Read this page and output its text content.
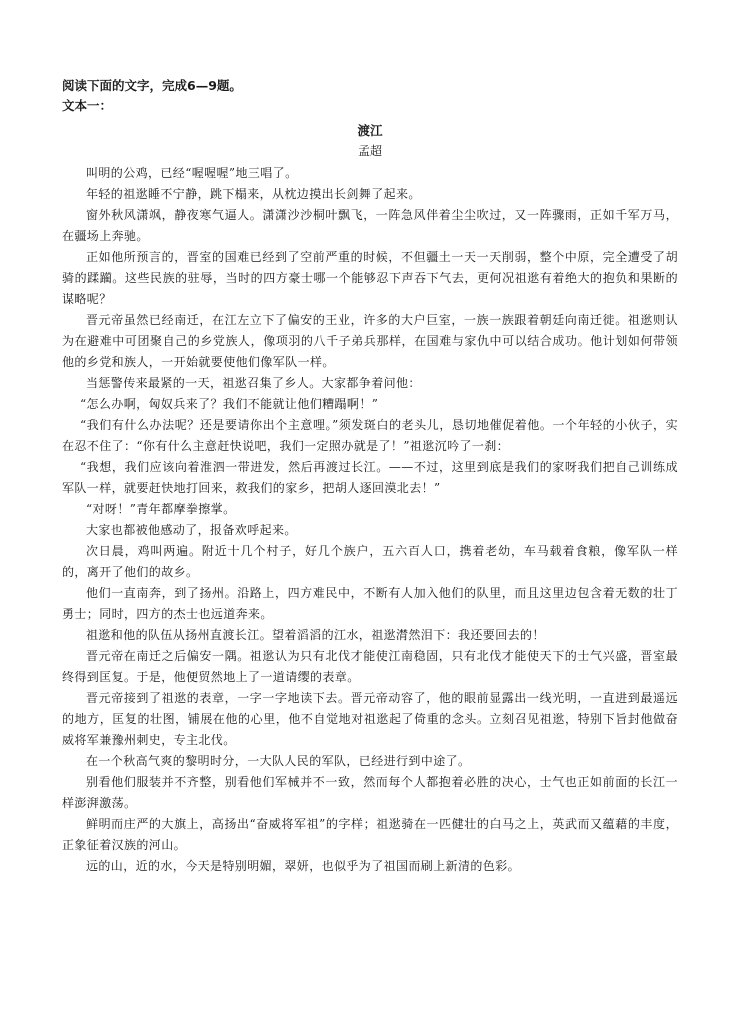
阅读下面的文字，完成6—9题。

文本一：

渡江

孟超

叫明的公鸡，已经“喔喔喔”地三唱了。

年轻的祖逖睡不宁静，跳下榻来，从枕边摸出长剑舞了起来。

窗外秋风潇飒，静夜寒气逼人。潇潇沙沙桐叶飘飞，一阵急风伴着尘尘吹过，又一阵骤雨，正如千军万马，在疆场上奔驰。

正如他所预言的，晋室的国难已经到了空前严重的时候，不但疆土一天一天削弱，整个中原，完全遭受了胡骑的蹂躏。这些民族的驻辱，当时的四方豪士哪一个能够忍下声吞下气去，更何况祖逖有着绝大的抱负和果断的谋略呢？

晋元帝虽然已经南迁，在江左立下了偏安的王业，许多的大户巨室，一族一族跟着朝廷向南迁徙。祖逖则认为在避难中可团聚自己的乡党族人，像项羽的八千子弟兵那样，在国难与家仇中可以结合成功。他计划如何带领他的乡党和族人，一开始就要使他们像军队一样。

当惩警传来最紧的一天，祖逖召集了乡人。大家都争着问他：

“怎么办啊，匈奴兵来了？我们不能就让他们糟蹋啊！”

“我们有什么办法呢？还是要请你出个主意哩。”须发斑白的老头儿，恳切地催促着他。一个年轻的小伙子，实在忍不住了：“你有什么主意赶快说吧，我们一定照办就是了！”祖逖沉吟了一刹：

“我想，我们应该向着淮泗一带进发，然后再渡过长江。——不过，这里到底是我们的家呀我们把自己训练成军队一样，就要赶快地打回来，救我们的家乡，把胡人逐回漠北去！”

“对呀！”青年都摩拳擦掌。

大家也都被他感动了，报备欢呼起来。

次日晨，鸡叫两遍。附近十几个村子，好几个族户，五六百人口，携着老幼，车马载着食粮，像军队一样的，离开了他们的故乡。

他们一直南奔，到了扬州。沿路上，四方难民中，不断有人加入他们的队里，而且这里边包含着无数的壮丁勇士；同时，四方的杰士也远道奔来。

祖逖和他的队伍从扬州直渡长江。望着滔滔的江水，祖逖潸然泪下：我还要回去的！

晋元帝在南迁之后偏安一隅。祖逖认为只有北伐才能使江南稳固，只有北伐才能使天下的士气兴盛，晋室最终得到匡复。于是，他便贸然地上了一道请缨的表章。

晋元帝接到了祖逖的表章，一字一字地读下去。晋元帝动容了，他的眼前显露出一线光明，一直进到最遥远的地方，匡复的壮图，铺展在他的心里，他不自觉地对祖逖起了倚重的念头。立刻召见祖逖，特别下旨封他做奋威将军兼豫州刺史，专主北伐。

在一个秋高气爽的黎明时分，一大队人民的军队，已经进行到中途了。

别看他们服装并不齐整，别看他们军械并不一致，然而每个人都抱着必胜的决心，士气也正如前面的长江一样澎湃激荡。

鲜明而庄严的大旗上，高扬出“奋威将军祖”的字样；祖逖骑在一匹健壮的白马之上，英武而又蕴藉的丰度，正象征着汉族的河山。

远的山，近的水，今天是特别明媚，翠妍，也似乎为了祖国而刷上新清的色彩。
